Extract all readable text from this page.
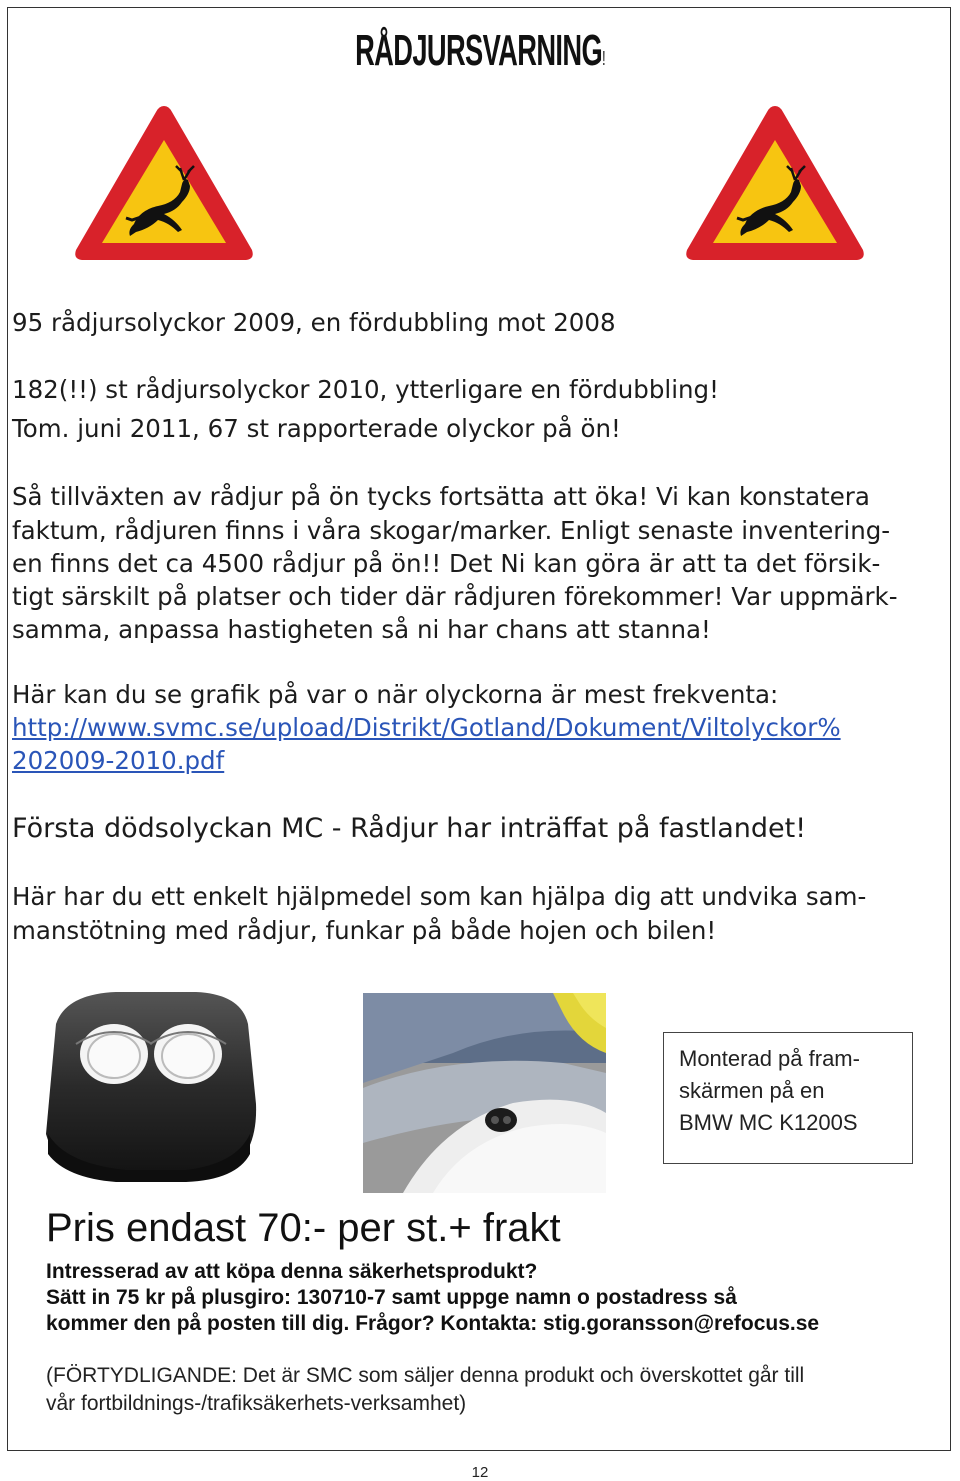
RÅDJURSVARNING!

95 rådjursolyckor 2009, en fördubbling mot 2008

182(!!) st rådjursolyckor 2010, ytterligare en fördubbling!

Tom. juni 2011, 67 st rapporterade olyckor på ön!

Så tillväxten av rådjur på ön tycks fortsätta att öka! Vi kan konstatera

faktum, rådjuren finns i våra skogar/marker. Enligt senaste inventering-

en finns det ca 4500 rådjur på ön!! Det Ni kan göra är att ta det försik-

tigt särskilt på platser och tider där rådjuren förekommer! Var uppmärk-

samma, anpassa hastigheten så ni har chans att stanna!

Här kan du se grafik på var o när olyckorna är mest frekventa:

http://www.svmc.se/upload/Distrikt/Gotland/Dokument/Viltolyckor%
202009-2010.pdf

Första dödsolyckan MC - Rådjur har inträffat på fastlandet!

Här har du ett enkelt hjälpmedel som kan hjälpa dig att undvika sam-

manstötning med rådjur, funkar på både hojen och bilen!

Monterad på fram-
skärmen på en
BMW MC K1200S
Pris endast 70:- per st.+ frakt
Intresserad av att köpa denna säkerhetsprodukt?
Sätt in 75 kr på plusgiro: 130710-7 samt uppge namn o postadress så
kommer den på posten till dig. Frågor? Kontakta: stig.goransson@refocus.se
(FÖRTYDLIGANDE: Det är SMC som säljer denna produkt och överskottet går till
vår fortbildnings-/trafiksäkerhets-verksamhet)
12
